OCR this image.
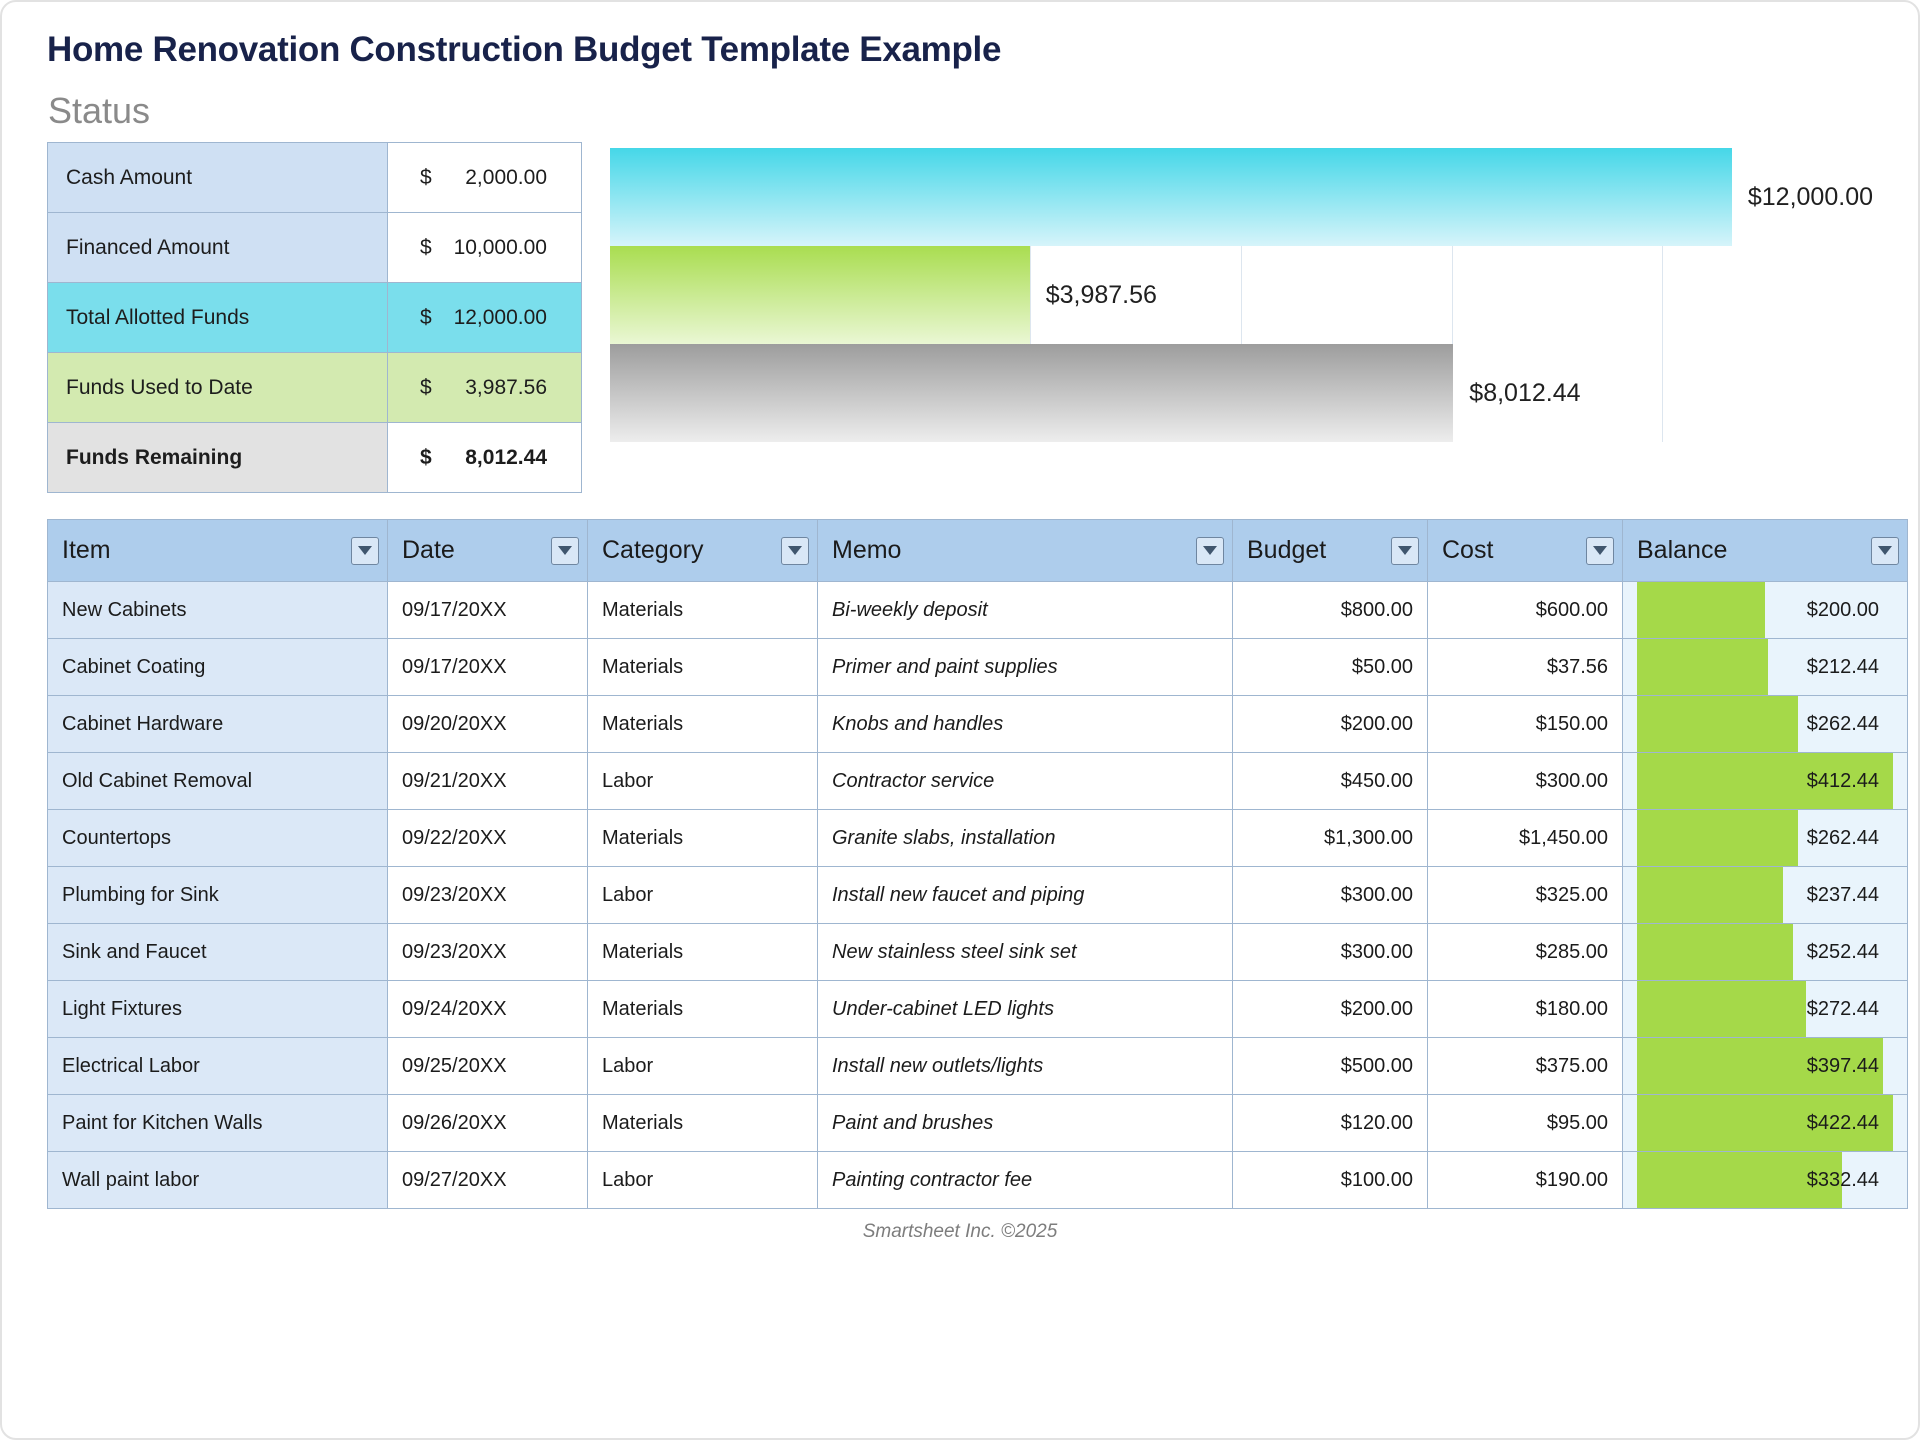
Home Renovation Construction Budget Template Example
Status
Cash Amount	$ 2,000.00

Financed Amount	$ 10,000.00

Total Allotted Funds	$ 12,000.00

Funds Used to Date	$ 3,987.56

Funds Remaining	$ 8,012.44
$12,000.00
$3,987.56
$8,012.44
Item	Date	Category	Memo	Budget	Cost	Balance

New Cabinets	09/17/20XX	Materials	Bi-weekly deposit	$800.00	$600.00	$200.00

Cabinet Coating	09/17/20XX	Materials	Primer and paint supplies	$50.00	$37.56	$212.44

Cabinet Hardware	09/20/20XX	Materials	Knobs and handles	$200.00	$150.00	$262.44

Old Cabinet Removal	09/21/20XX	Labor	Contractor service	$450.00	$300.00	$412.44

Countertops	09/22/20XX	Materials	Granite slabs, installation	$1,300.00	$1,450.00	$262.44

Plumbing for Sink	09/23/20XX	Labor	Install new faucet and piping	$300.00	$325.00	$237.44

Sink and Faucet	09/23/20XX	Materials	New stainless steel sink set	$300.00	$285.00	$252.44

Light Fixtures	09/24/20XX	Materials	Under-cabinet LED lights	$200.00	$180.00	$272.44

Electrical Labor	09/25/20XX	Labor	Install new outlets/lights	$500.00	$375.00	$397.44

Paint for Kitchen Walls	09/26/20XX	Materials	Paint and brushes	$120.00	$95.00	$422.44

Wall paint labor	09/27/20XX	Labor	Painting contractor fee	$100.00	$190.00	$332.44
Smartsheet Inc. ©2025
